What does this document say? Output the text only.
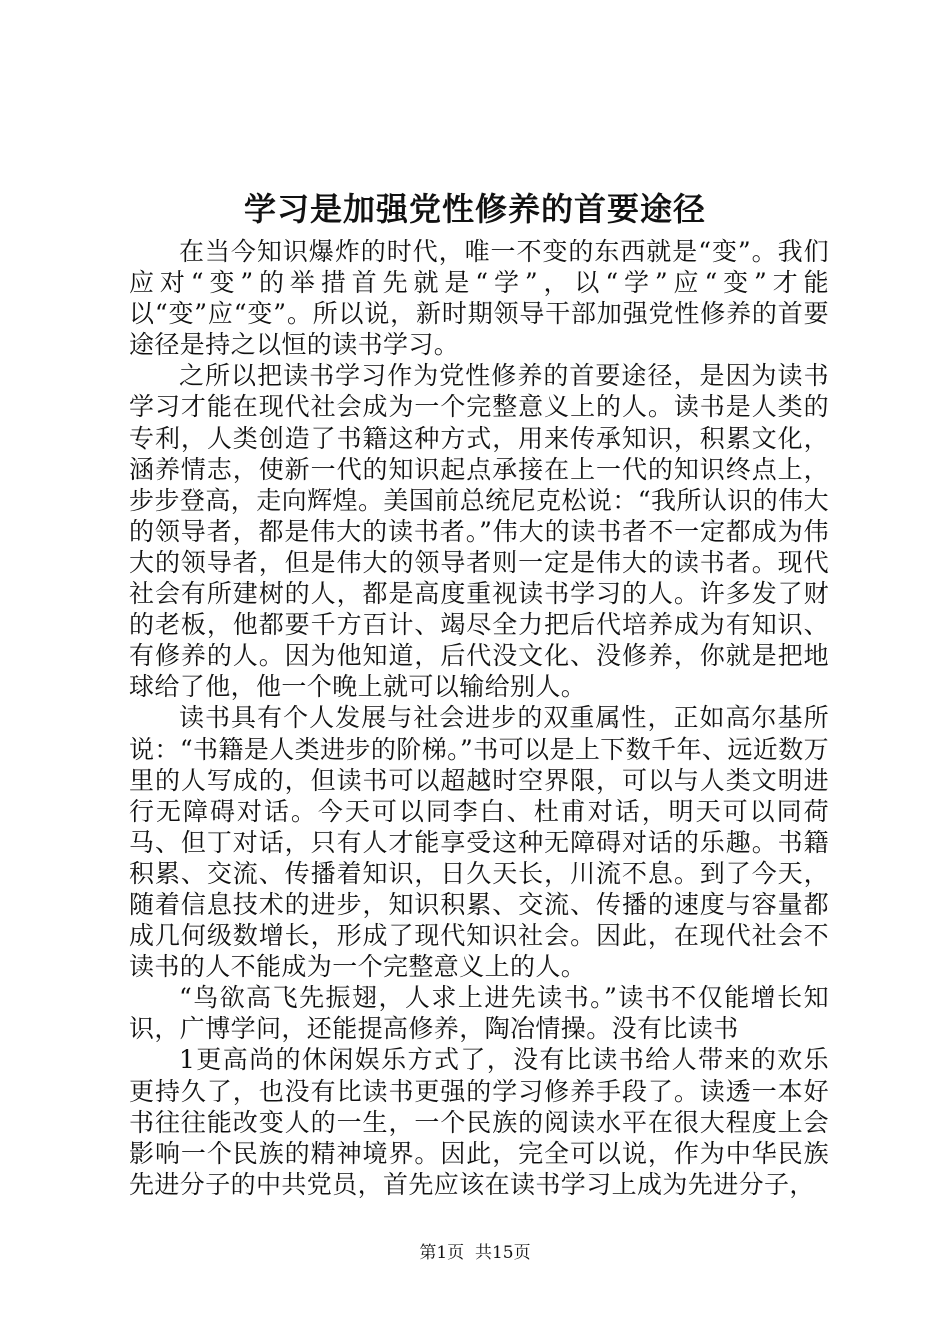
学习是加强党性修养的首要途径

在当今知识爆炸的时代，唯一不变的东西就是“变”。我们应对“变”的举措首先就是“学”，以“学”应“变”才能以“变”应“变”。所以说，新时期领导干部加强党性修养的首要途径是持之以恒的读书学习。

之所以把读书学习作为党性修养的首要途径，是因为读书学习才能在现代社会成为一个完整意义上的人。读书是人类的专利，人类创造了书籍这种方式，用来传承知识，积累文化，涵养情志，使新一代的知识起点承接在上一代的知识终点上，步步登高，走向辉煌。美国前总统尼克松说：“我所认识的伟大的领导者，都是伟大的读书者。”伟大的读书者不一定都成为伟大的领导者，但是伟大的领导者则一定是伟大的读书者。现代社会有所建树的人，都是高度重视读书学习的人。许多发了财的老板，他都要千方百计、竭尽全力把后代培养成为有知识、有修养的人。因为他知道，后代没文化、没修养，你就是把地球给了他，他一个晚上就可以输给别人。

读书具有个人发展与社会进步的双重属性，正如高尔基所说：“书籍是人类进步的阶梯。”书可以是上下数千年、远近数万里的人写成的，但读书可以超越时空界限，可以与人类文明进行无障碍对话。今天可以同李白、杜甫对话，明天可以同荷马、但丁对话，只有人才能享受这种无障碍对话的乐趣。书籍积累、交流、传播着知识，日久天长，川流不息。到了今天，随着信息技术的进步，知识积累、交流、传播的速度与容量都成几何级数增长，形成了现代知识社会。因此，在现代社会不读书的人不能成为一个完整意义上的人。

“鸟欲高飞先振翅，人求上进先读书。”读书不仅能增长知识，广博学问，还能提高修养，陶冶情操。没有比读书

1更高尚的休闲娱乐方式了，没有比读书给人带来的欢乐更持久了，也没有比读书更强的学习修养手段了。读透一本好书往往能改变人的一生，一个民族的阅读水平在很大程度上会影响一个民族的精神境界。因此，完全可以说，作为中华民族先进分子的中共党员，首先应该在读书学习上成为先进分子，

第1页  共15页
